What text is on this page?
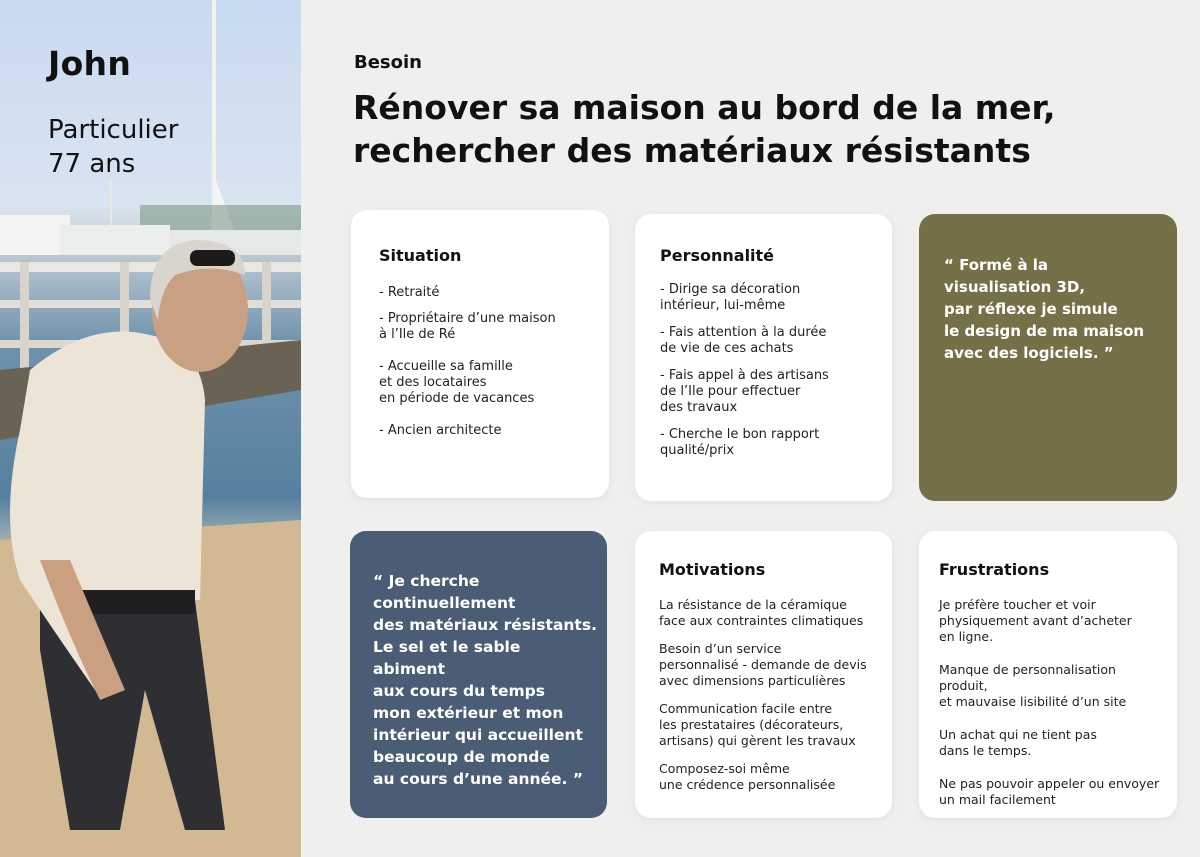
John

Particulier

77 ans

Besoin

Rénover sa maison au bord de la mer,
rechercher des matériaux résistants
Situation
- Retraité
- Propriétaire d’une maison
à l’Ile de Ré
- Accueille sa famille
et des locataires
en période de vacances
- Ancien architecte
Personnalité
- Dirige sa décoration
intérieur, lui-même
- Fais attention à la durée
de vie de ces achats
- Fais appel à des artisans
de l’Ile pour effectuer
des travaux
- Cherche le bon rapport
qualité/prix
“ Formé à la
visualisation 3D,
par réflexe je simule
le design de ma maison
avec des logiciels. ”
“ Je cherche
continuellement
des matériaux résistants.
Le sel et le sable abiment
aux cours du temps
mon extérieur et mon
intérieur qui accueillent
beaucoup de monde
au cours d’une année. ”
Motivations
La résistance de la céramique
face aux contraintes climatiques
Besoin d’un service
personnalisé - demande de devis
avec dimensions particulières
Communication facile entre
les prestataires (décorateurs,
artisans) qui gèrent les travaux
Composez-soi même
une crédence personnalisée
Frustrations
Je préfère toucher et voir
physiquement avant d’acheter
en ligne.
Manque de personnalisation produit,
et mauvaise lisibilité d’un site
Un achat qui ne tient pas
dans le temps.
Ne pas pouvoir appeler ou envoyer
un mail facilement
